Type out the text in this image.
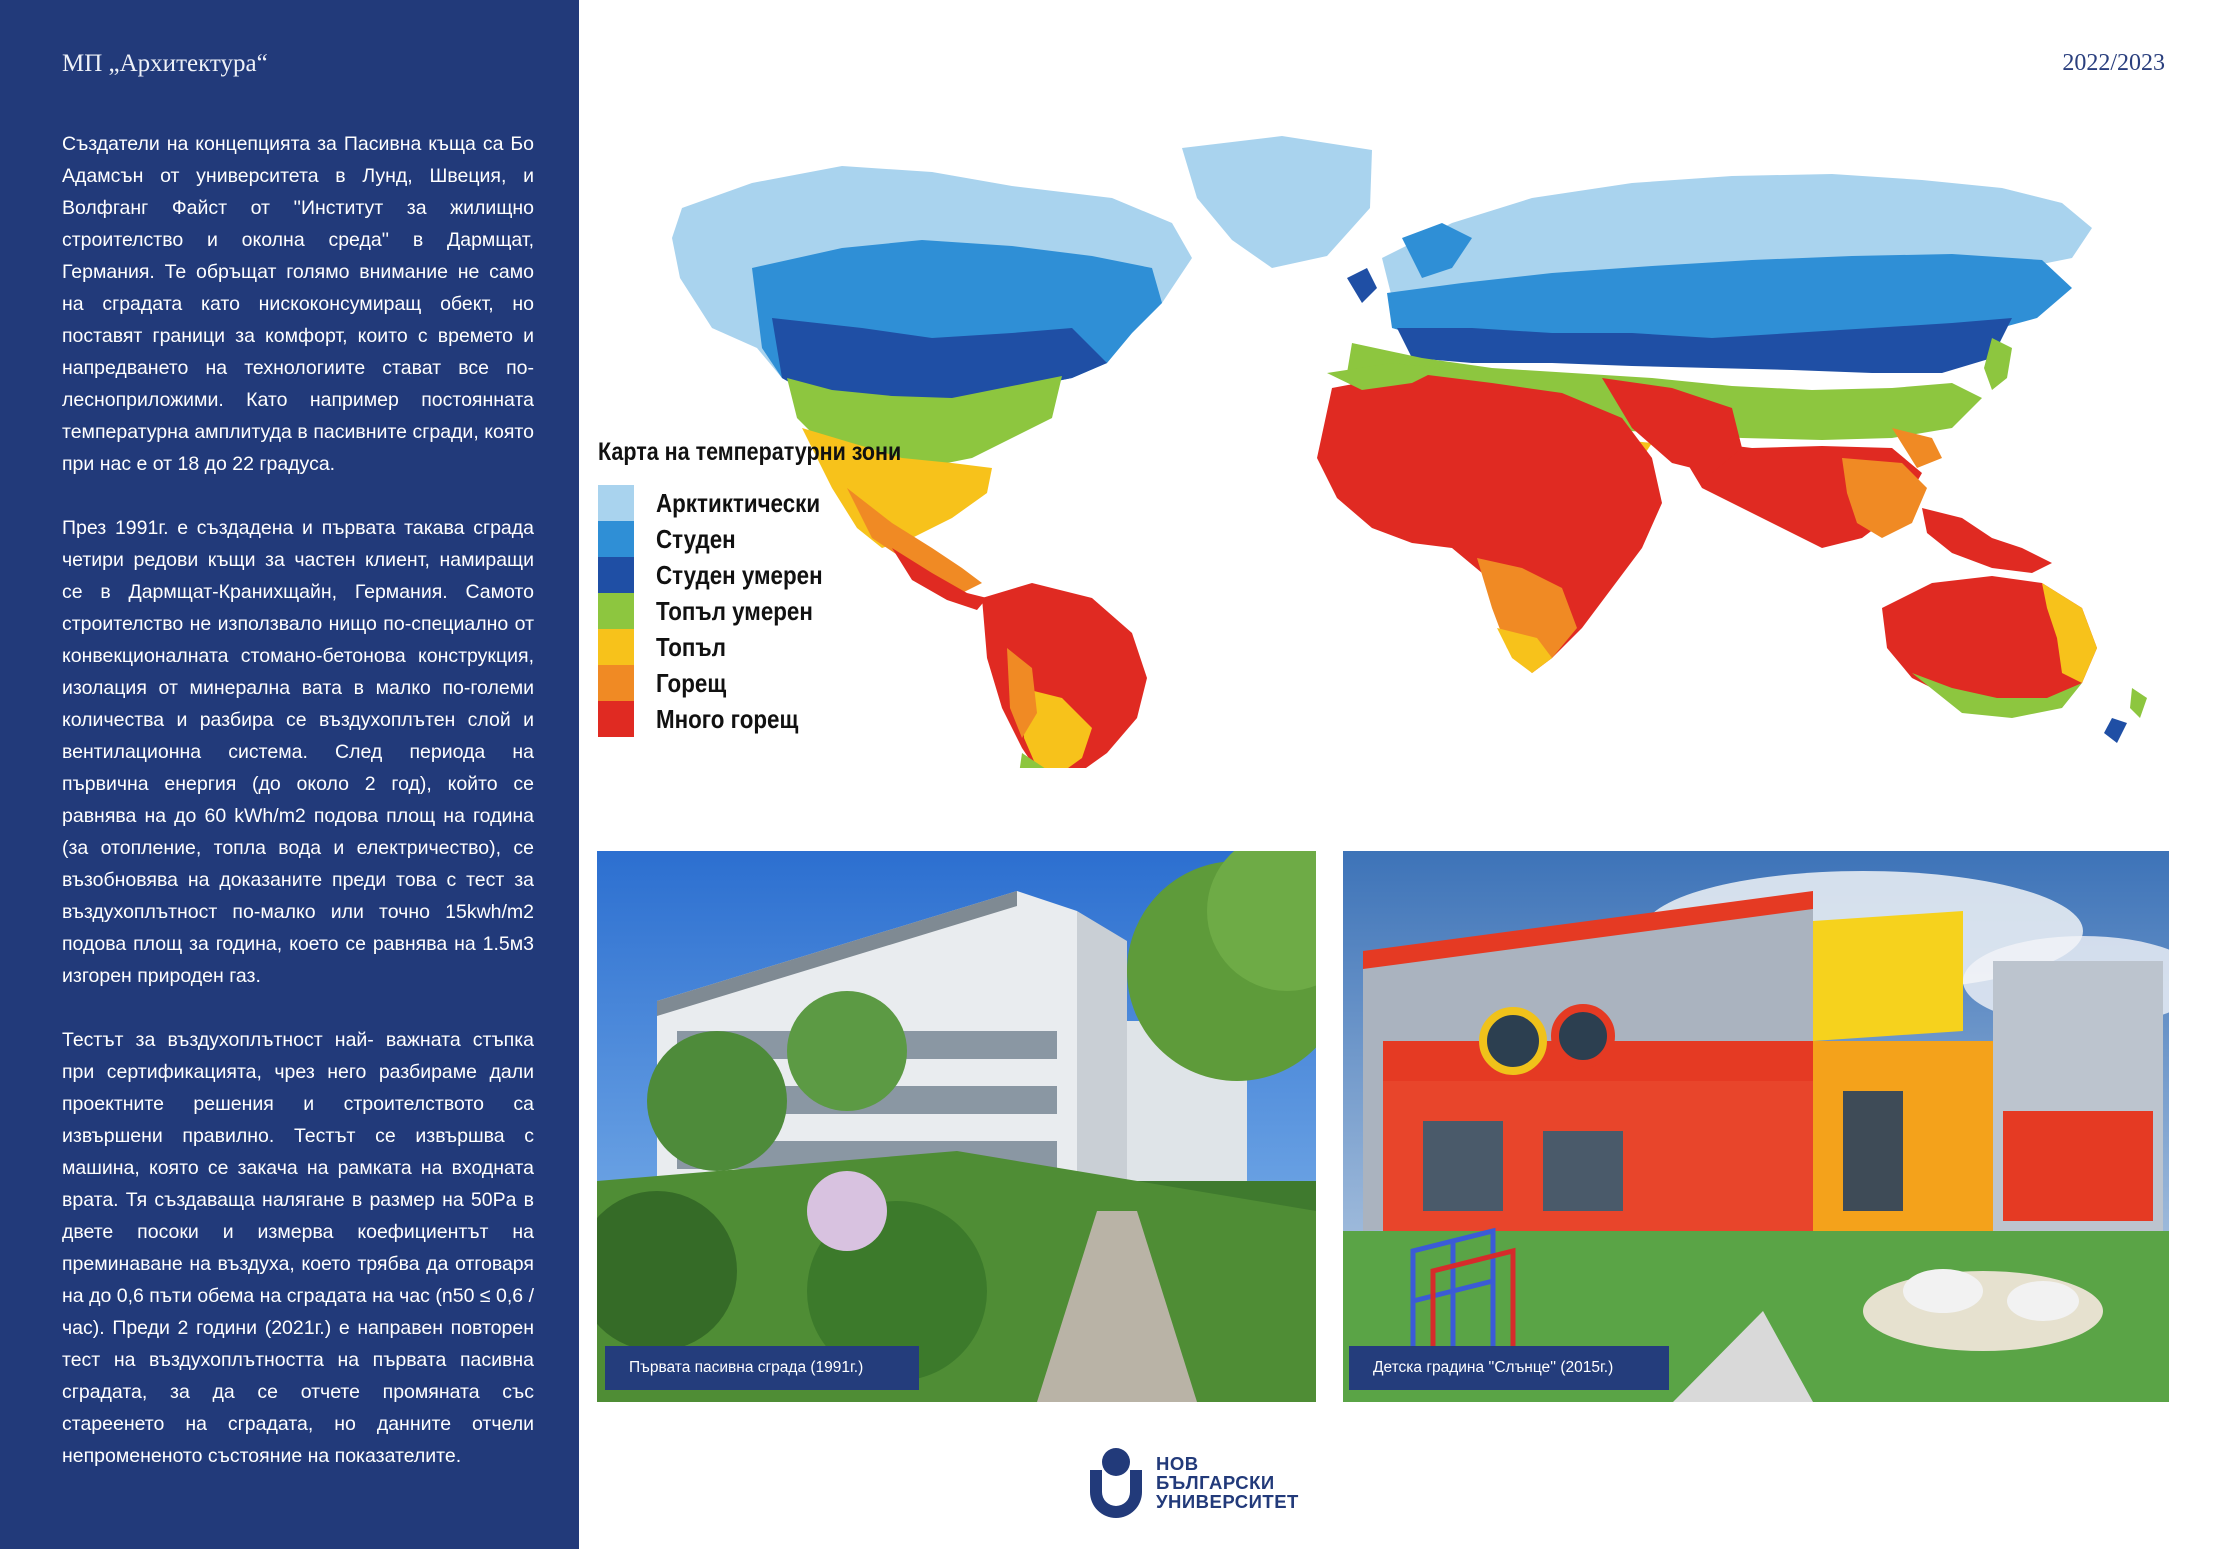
МП „Архитектура“

Създатели на концепцията за Пасивна къща са Бо Адамсън от университета в Лунд, Швеция, и Волфганг Файст от ''Институт за жилищно строителство и околна среда'' в Дармщат, Германия. Те обръщат голямо внимание не само на сградата като нискоконсумиращ обект, но поставят граници за комфорт, които с времето и напредването на технологиите стават все по-лесноприложими. Като например постоянната температурна амплитуда в пасивните сгради, която при нас е от 18 до 22 градуса.

През 1991г. е създадена и първата такава сграда четири редови къщи за частен клиент, намиращи се в Дармщат-Кранихщайн, Германия. Самото строителство не използвало нищо по-специално от конвекционалната стомано-бетонова конструкция, изолация от минерална вата в малко по-големи количества и разбира се въздухоплътен слой и вентилационна система. След периода на първична енергия (до около 2 год), който се равнява на до 60 kWh/m2 подова площ на година (за отопление, топла вода и електричество), се възобновява на доказаните преди това с тест за въздухоплътност по-малко или точно 15kwh/m2 подова площ за година, което се равнява на 1.5м3 изгорен природен газ.

Тестът за въздухоплътност най- важната стъпка при сертификацията, чрез него разбираме дали проектните решения и строителството са извършени правилно. Тестът се извършва с машина, която се закача на рамката на входната врата. Тя създаваща налягане в размер на 50Pa в двете посоки и измерва коефициентът на преминаване на въздуха, което трябва да отговаря на до 0,6 пъти обема на сградата на час (n50 ≤ 0,6 / час). Преди 2 години (2021г.) е направен повторен тест на въздухоплътността на първата пасивна сградата, за да се отчете промяната със стареенето на сградата, но данните отчели непромененото състояние на показателите.

2022/2023
Карта на температурни зони
Арктиктически
Студен
Студен умерен
Топъл умерен
Топъл
Горещ
Много горещ
Първата пасивна сграда (1991г.)	Детска градина ''Слънце'' (2015г.)
НОВ
БЪЛГАРСКИ
УНИВЕРСИТЕТ
